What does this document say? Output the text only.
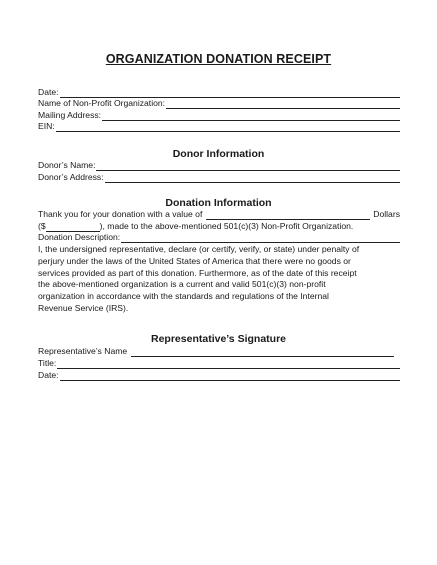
ORGANIZATION DONATION RECEIPT
Date:
Name of Non-Profit Organization:
Mailing Address:
EIN:
Donor Information
Donor’s Name:
Donor’s Address:
Donation Information
Thank you for your donation with a value of	Dollars
($	), made to the above-mentioned 501(c)(3) Non-Profit Organization.
Donation Description:
I, the undersigned representative, declare (or certify, verify, or state) under penalty of
perjury under the laws of the United States of America that there were no goods or
services provided as part of this donation. Furthermore, as of the date of this receipt
the above-mentioned organization is a current and valid 501(c)(3) non-profit
organization in accordance with the standards and regulations of the Internal
Revenue Service (IRS).
Representative’s Signature
Representative’s Name
Title:
Date:
